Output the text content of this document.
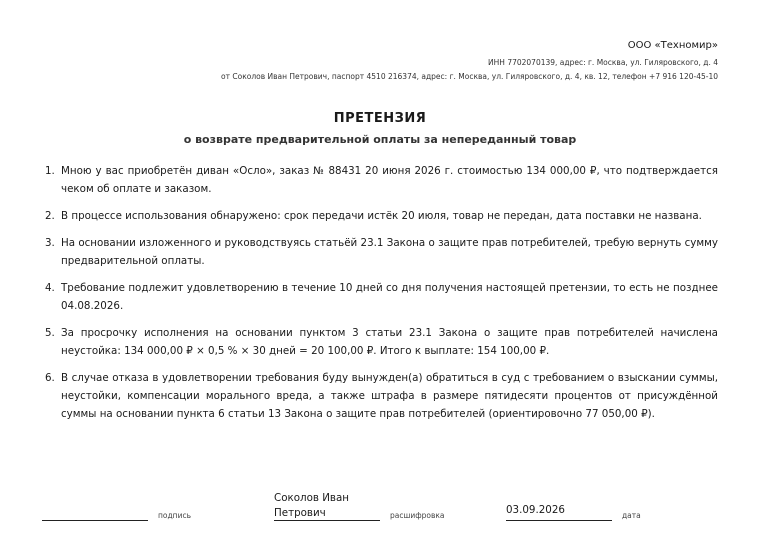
ООО «Техномир»
ИНН 7702070139, адрес: г. Москва, ул. Гиляровского, д. 4
от Соколов Иван Петрович, паспорт 4510 216374, адрес: г. Москва, ул. Гиляровского, д. 4, кв. 12, телефон +7 916 120-45-10
ПРЕТЕНЗИЯ
о возврате предварительной оплаты за непереданный товар
1. Мною у вас приобретён диван «Осло», заказ № 88431 20 июня 2026 г. стоимостью 134 000,00 ₽, что подтверждается чеком об оплате и заказом.
2. В процессе использования обнаружено: срок передачи истёк 20 июля, товар не передан, дата поставки не названа.
3. На основании изложенного и руководствуясь статьёй 23.1 Закона о защите прав потребителей, требую вернуть сумму предварительной оплаты.
4. Требование подлежит удовлетворению в течение 10 дней со дня получения настоящей претензии, то есть не позднее 04.08.2026.
5. За просрочку исполнения на основании пунктом 3 статьи 23.1 Закона о защите прав потребителей начислена неустойка: 134 000,00 ₽ × 0,5 % × 30 дней = 20 100,00 ₽. Итого к выплате: 154 100,00 ₽.
6. В случае отказа в удовлетворении требования буду вынужден(а) обратиться в суд с требованием о взыскании суммы, неустойки, компенсации морального вреда, а также штрафа в размере пятидесяти процентов от присуждённой суммы на основании пункта 6 статьи 13 Закона о защите прав потребителей (ориентировочно 77 050,00 ₽).
подпись
Соколов Иван Петрович	расшифровка	03.09.2026	дата
